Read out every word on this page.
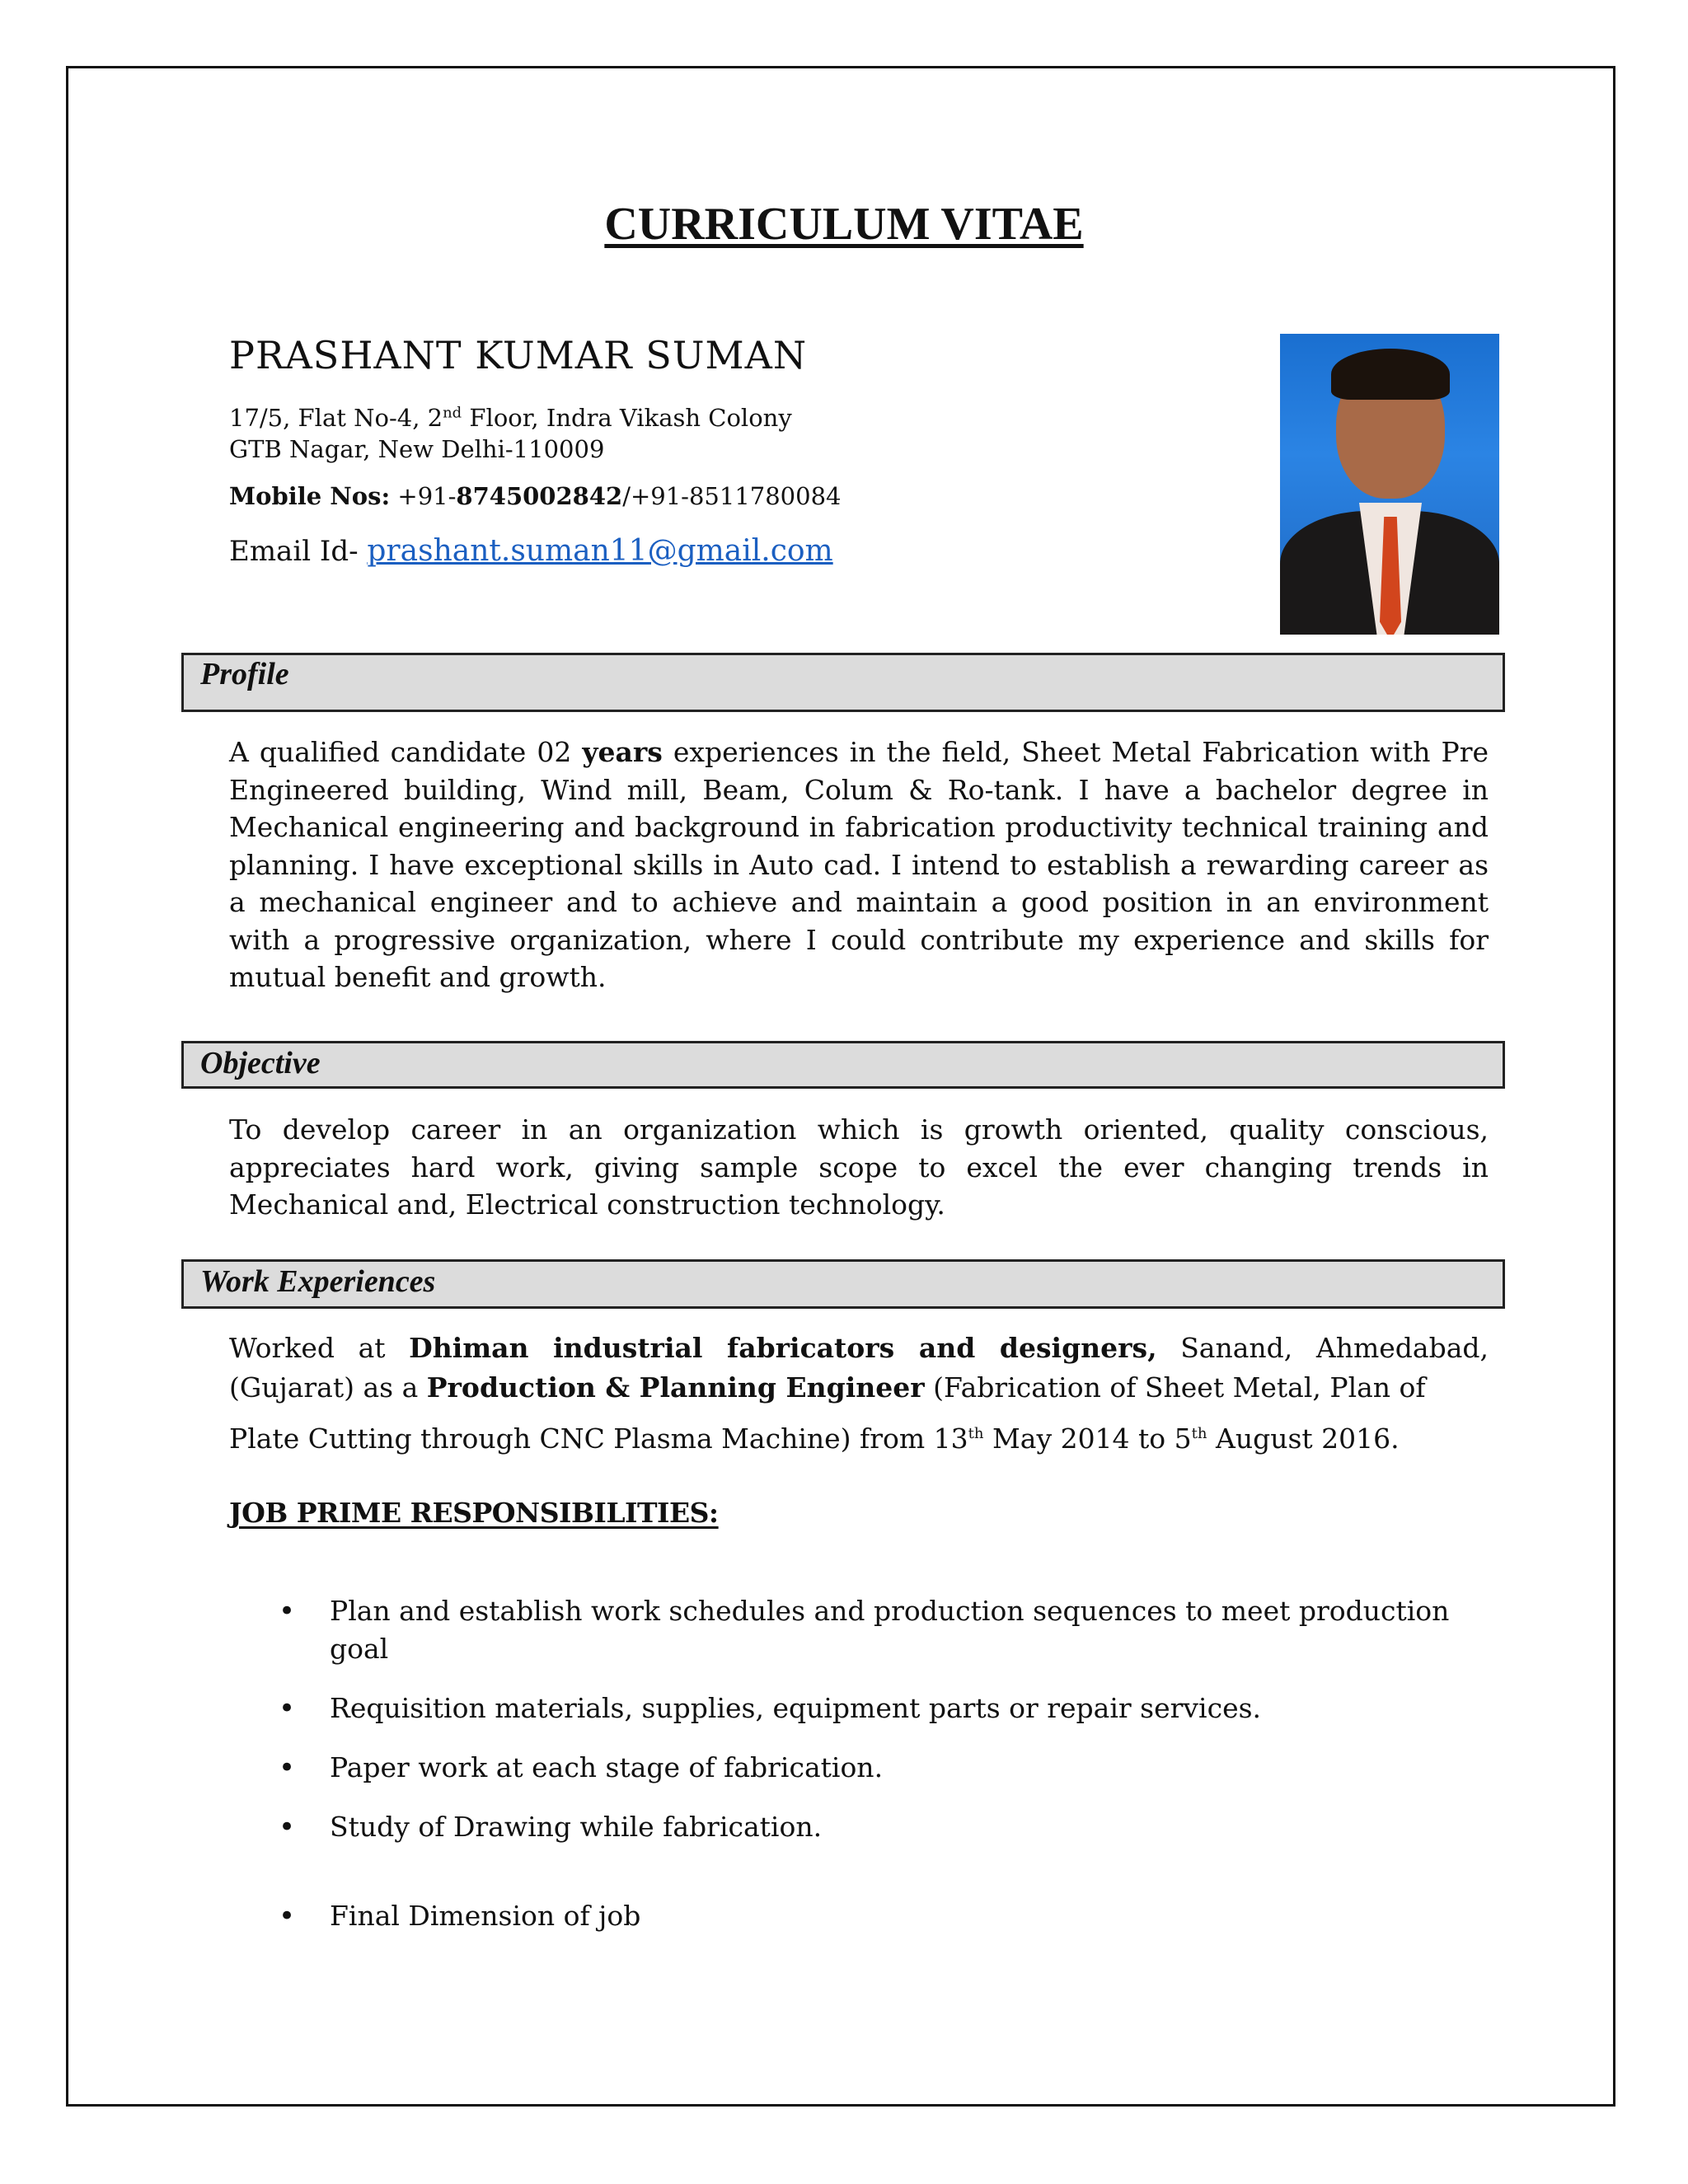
CURRICULUM VITAE
PRASHANT KUMAR SUMAN
17/5, Flat No-4, 2nd Floor, Indra Vikash Colony
GTB Nagar, New Delhi-110009
Mobile Nos: +91-8745002842/+91-8511780084
Email Id- prashant.suman11@gmail.com
Profile
A qualified candidate 02 years experiences in the field, Sheet Metal Fabrication with Pre Engineered building, Wind mill, Beam, Colum & Ro-tank. I have a bachelor degree in Mechanical engineering and background in fabrication productivity technical training and planning. I have exceptional skills in Auto cad. I intend to establish a rewarding career as a mechanical engineer and to achieve and maintain a good position in an environment with a progressive organization, where I could contribute my experience and skills for mutual benefit and growth.
Objective
To develop career in an organization which is growth oriented, quality conscious, appreciates hard work, giving sample scope to excel the ever changing trends in Mechanical and, Electrical construction technology.
Work Experiences
Worked at Dhiman industrial fabricators and designers, Sanand, Ahmedabad, (Gujarat) as a Production & Planning Engineer (Fabrication of Sheet Metal, Plan of
Plate Cutting through CNC Plasma Machine) from 13th May 2014 to 5th August 2016.
JOB PRIME RESPONSIBILITIES:
• Plan and establish work schedules and production sequences to meet production goal
• Requisition materials, supplies, equipment parts or repair services.
• Paper work at each stage of fabrication.
• Study of Drawing while fabrication.
• Final Dimension of job
